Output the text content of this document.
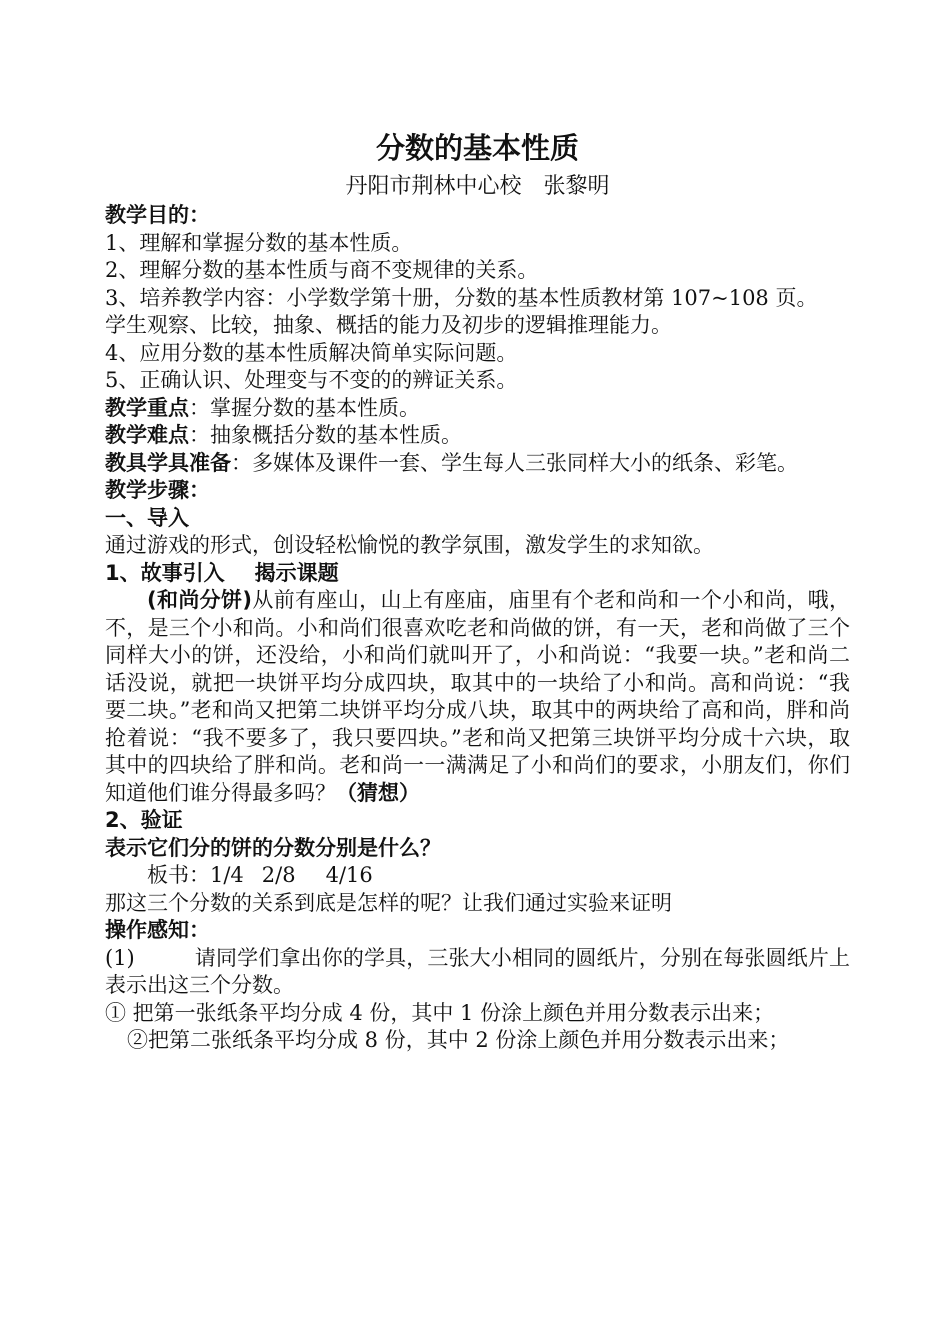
分数的基本性质
丹阳市荆林中心校　张黎明
教学目的：
1、理解和掌握分数的基本性质。
2、理解分数的基本性质与商不变规律的关系。
3、培养教学内容：小学数学第十册，分数的基本性质教材第 107~108 页。
学生观察、比较，抽象、概括的能力及初步的逻辑推理能力。
4、应用分数的基本性质解决简单实际问题。
5、正确认识、处理变与不变的的辨证关系。
教学重点：掌握分数的基本性质。
教学难点：抽象概括分数的基本性质。
教具学具准备：多媒体及课件一套、学生每人三张同样大小的纸条、彩笔。
教学步骤：
一、导入
通过游戏的形式，创设轻松愉悦的教学氛围，激发学生的求知欲。
1、故事引入 揭示课题
(和尚分饼)从前有座山，山上有座庙，庙里有个老和尚和一个小和尚，哦，不，是三个小和尚。小和尚们很喜欢吃老和尚做的饼，有一天，老和尚做了三个同样大小的饼，还没给，小和尚们就叫开了，小和尚说：“我要一块。”老和尚二话没说，就把一块饼平均分成四块，取其中的一块给了小和尚。高和尚说：“我要二块。”老和尚又把第二块饼平均分成八块，取其中的两块给了高和尚，胖和尚抢着说：“我不要多了，我只要四块。”老和尚又把第三块饼平均分成十六块，取其中的四块给了胖和尚。老和尚一一满满足了小和尚们的要求，小朋友们，你们知道他们谁分得最多吗？（猜想）
2、验证
表示它们分的饼的分数分别是什么？
板书：1/4 2/8 4/16
那这三个分数的关系到底是怎样的呢？让我们通过实验来证明
操作感知：
(1)	请同学们拿出你的学具，三张大小相同的圆纸片，分别在每张圆纸片上表示出这三个分数。
① 把第一张纸条平均分成 4 份，其中 1 份涂上颜色并用分数表示出来；
②把第二张纸条平均分成 8 份，其中 2 份涂上颜色并用分数表示出来；
